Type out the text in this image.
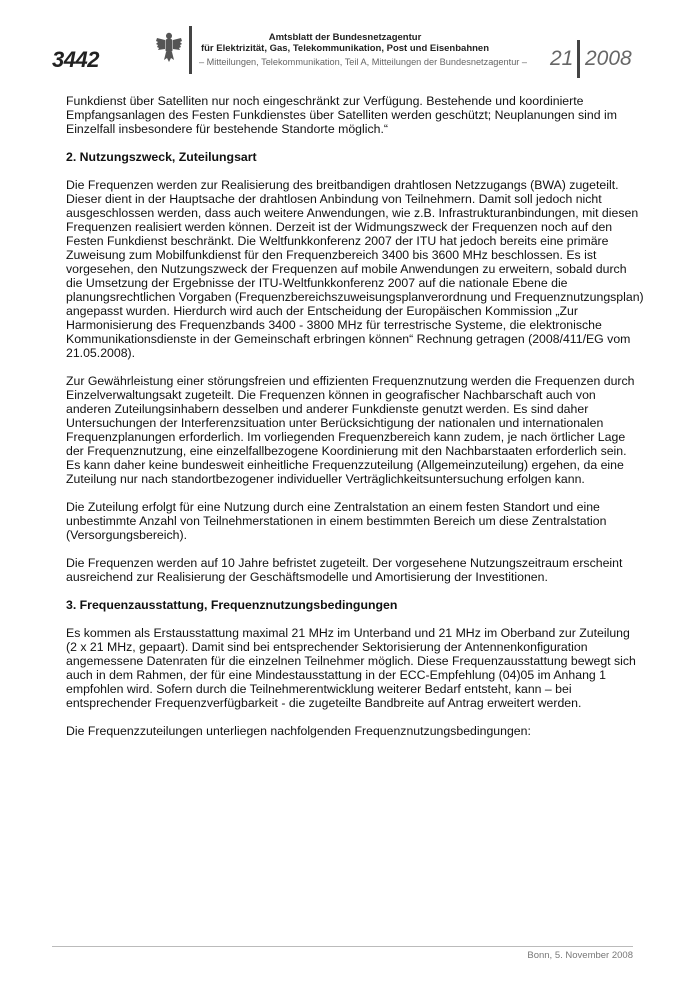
3442
Amtsblatt der Bundesnetzagentur
für Elektrizität, Gas, Telekommunikation, Post und Eisenbahnen
– Mitteilungen, Telekommunikation, Teil A, Mitteilungen der Bundesnetzagentur – 21 2008

Funkdienst über Satelliten nur noch eingeschränkt zur Verfügung. Bestehende und koordinierte Empfangsanlagen des Festen Funkdienstes über Satelliten werden geschützt; Neuplanungen sind im Einzelfall insbesondere für bestehende Standorte möglich.“

2. Nutzungszweck, Zuteilungsart

Die Frequenzen werden zur Realisierung des breitbandigen drahtlosen Netzzugangs (BWA) zugeteilt. Dieser dient in der Hauptsache der drahtlosen Anbindung von Teilnehmern. Damit soll jedoch nicht ausgeschlossen werden, dass auch weitere Anwendungen, wie z.B. Infrastrukturanbindungen, mit diesen Frequenzen realisiert werden können. Derzeit ist der Widmungszweck der Frequenzen noch auf den Festen Funkdienst beschränkt. Die Weltfunkkonferenz 2007 der ITU hat jedoch bereits eine primäre Zuweisung zum Mobilfunkdienst für den Frequenzbereich 3400 bis 3600 MHz beschlossen. Es ist vorgesehen, den Nutzungszweck der Frequenzen auf mobile Anwendungen zu erweitern, sobald durch die Umsetzung der Ergebnisse der ITU-Weltfunkkonferenz 2007 auf die nationale Ebene die planungsrechtlichen Vorgaben (Frequenzbereichszuweisungsplanverordnung und Frequenznutzungsplan) angepasst wurden. Hierdurch wird auch der Entscheidung der Europäischen Kommission „Zur Harmonisierung des Frequenzbands 3400 - 3800 MHz für terrestrische Systeme, die elektronische Kommunikationsdienste in der Gemeinschaft erbringen können“ Rechnung getragen (2008/411/EG vom 21.05.2008).

Zur Gewährleistung einer störungsfreien und effizienten Frequenznutzung werden die Frequenzen durch Einzelverwaltungsakt zugeteilt. Die Frequenzen können in geografischer Nachbarschaft auch von anderen Zuteilungsinhabern desselben und anderer Funkdienste genutzt werden. Es sind daher Untersuchungen der Interferenzsituation unter Berücksichtigung der nationalen und internationalen Frequenzplanungen erforderlich. Im vorliegenden Frequenzbereich kann zudem, je nach örtlicher Lage der Frequenznutzung, eine einzelfallbezogene Koordinierung mit den Nachbarstaaten erforderlich sein. Es kann daher keine bundesweit einheitliche Frequenzzuteilung (Allgemeinzuteilung) ergehen, da eine Zuteilung nur nach standortbezogener individueller Verträglichkeitsuntersuchung erfolgen kann.

Die Zuteilung erfolgt für eine Nutzung durch eine Zentralstation an einem festen Standort und eine unbestimmte Anzahl von Teilnehmerstationen in einem bestimmten Bereich um diese Zentralstation (Versorgungsbereich).

Die Frequenzen werden auf 10 Jahre befristet zugeteilt. Der vorgesehene Nutzungszeitraum erscheint ausreichend zur Realisierung der Geschäftsmodelle und Amortisierung der Investitionen.

3. Frequenzausstattung, Frequenznutzungsbedingungen

Es kommen als Erstausstattung maximal 21 MHz im Unterband und 21 MHz im Oberband zur Zuteilung (2 x 21 MHz, gepaart). Damit sind bei entsprechender Sektorisierung der Antennenkonfiguration angemessene Datenraten für die einzelnen Teilnehmer möglich. Diese Frequenzausstattung bewegt sich auch in dem Rahmen, der für eine Mindestausstattung in der ECC-Empfehlung (04)05 im Anhang 1 empfohlen wird. Sofern durch die Teilnehmerentwicklung weiterer Bedarf entsteht, kann – bei entsprechender Frequenzverfügbarkeit - die zugeteilte Bandbreite auf Antrag erweitert werden.

Die Frequenzzuteilungen unterliegen nachfolgenden Frequenznutzungsbedingungen:

Bonn, 5. November 2008
